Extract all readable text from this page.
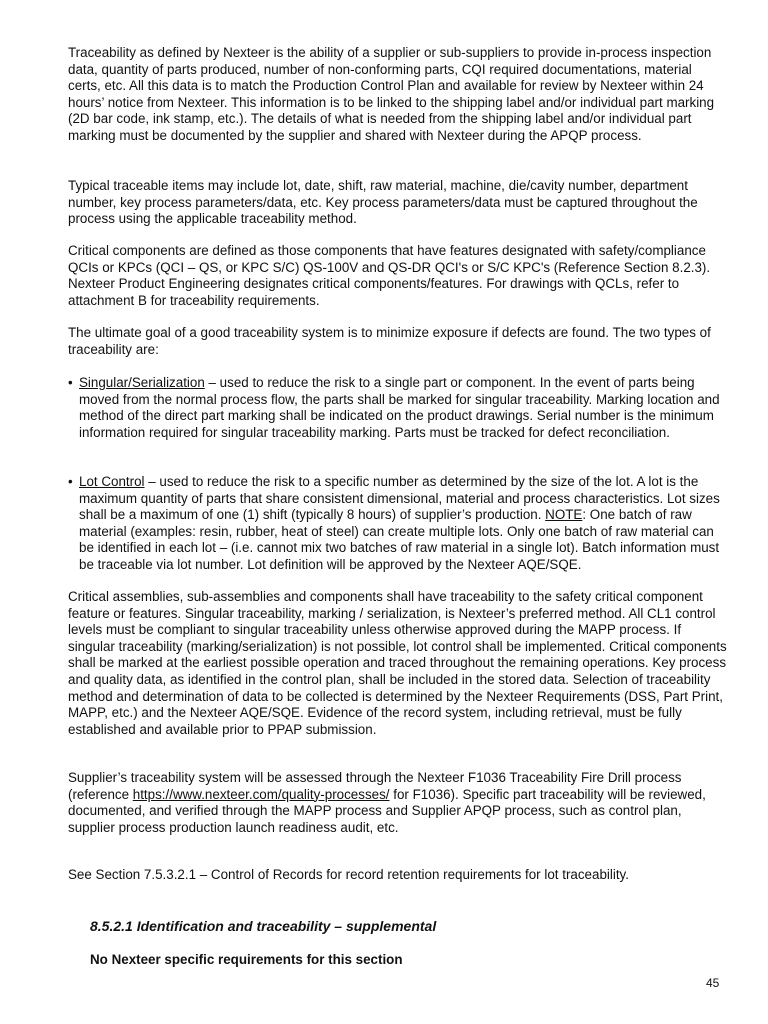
Traceability as defined by Nexteer is the ability of a supplier or sub-suppliers to provide in-process inspection data, quantity of parts produced, number of non-conforming parts, CQI required documentations, material certs, etc. All this data is to match the Production Control Plan and available for review by Nexteer within 24 hours’ notice from Nexteer. This information is to be linked to the shipping label and/or individual part marking (2D bar code, ink stamp, etc.). The details of what is needed from the shipping label and/or individual part marking must be documented by the supplier and shared with Nexteer during the APQP process.

Typical traceable items may include lot, date, shift, raw material, machine, die/cavity number, department number, key process parameters/data, etc. Key process parameters/data must be captured throughout the process using the applicable traceability method.

Critical components are defined as those components that have features designated with safety/compliance QCIs or KPCs (QCI – QS, or KPC S/C) QS-100V and QS-DR QCI's or S/C KPC's (Reference Section 8.2.3). Nexteer Product Engineering designates critical components/features. For drawings with QCLs, refer to attachment B for traceability requirements.

The ultimate goal of a good traceability system is to minimize exposure if defects are found. The two types of traceability are:

• Singular/Serialization – used to reduce the risk to a single part or component. In the event of parts being moved from the normal process flow, the parts shall be marked for singular traceability. Marking location and method of the direct part marking shall be indicated on the product drawings. Serial number is the minimum information required for singular traceability marking. Parts must be tracked for defect reconciliation.
• Lot Control – used to reduce the risk to a specific number as determined by the size of the lot. A lot is the maximum quantity of parts that share consistent dimensional, material and process characteristics. Lot sizes shall be a maximum of one (1) shift (typically 8 hours) of supplier’s production. NOTE: One batch of raw material (examples: resin, rubber, heat of steel) can create multiple lots. Only one batch of raw material can be identified in each lot – (i.e. cannot mix two batches of raw material in a single lot). Batch information must be traceable via lot number. Lot definition will be approved by the Nexteer AQE/SQE.

Critical assemblies, sub-assemblies and components shall have traceability to the safety critical component feature or features. Singular traceability, marking / serialization, is Nexteer’s preferred method. All CL1 control levels must be compliant to singular traceability unless otherwise approved during the MAPP process. If singular traceability (marking/serialization) is not possible, lot control shall be implemented. Critical components shall be marked at the earliest possible operation and traced throughout the remaining operations. Key process and quality data, as identified in the control plan, shall be included in the stored data. Selection of traceability method and determination of data to be collected is determined by the Nexteer Requirements (DSS, Part Print, MAPP, etc.) and the Nexteer AQE/SQE. Evidence of the record system, including retrieval, must be fully established and available prior to PPAP submission.

Supplier’s traceability system will be assessed through the Nexteer F1036 Traceability Fire Drill process (reference https://www.nexteer.com/quality-processes/ for F1036). Specific part traceability will be reviewed, documented, and verified through the MAPP process and Supplier APQP process, such as control plan, supplier process production launch readiness audit, etc.

See Section 7.5.3.2.1 – Control of Records for record retention requirements for lot traceability.

8.5.2.1 Identification and traceability – supplemental
No Nexteer specific requirements for this section
45
